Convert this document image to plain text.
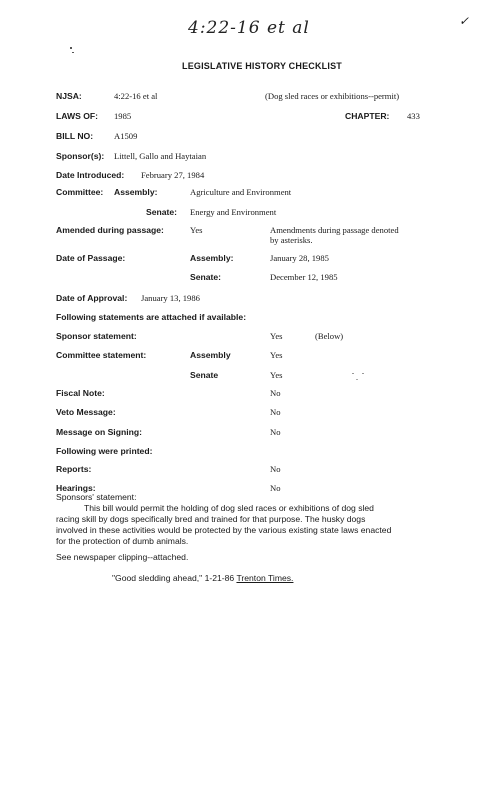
4:22-16 et al	✓
LEGISLATIVE HISTORY CHECKLIST
NJSA:	4:22-16 et al	(Dog sled races or exhibitions--permit)
LAWS OF: 1985	CHAPTER: 433
BILL NO: A1509
Sponsor(s): Littell, Gallo and Haytaian
Date Introduced: February 27, 1984
Committee: Assembly:	Agriculture and Environment
Senate: Energy and Environment
Amended during passage:	Yes	Amendments during passage denoted
by asterisks.
Date of Passage:	Assembly:	January 28, 1985
Senate:	December 12, 1985
Date of Approval: January 13, 1986
Following statements are attached if available:
Sponsor statement:	Yes	(Below)
Committee statement:	Assembly	Yes
Senate	Yes
Fiscal Note:	No
Veto Message:	No
Message on Signing:	No
Following were printed:
Reports:	No
Hearings:	No
Sponsors' statement:
This bill would permit the holding of dog sled races or exhibitions of dog sled
racing skill by dogs specifically bred and trained for that purpose. The husky dogs
involved in these activities would be protected by the various existing state laws enacted
for the protection of dumb animals.
See newspaper clipping--attached.
"Good sledding ahead," 1-21-86 Trenton Times.
